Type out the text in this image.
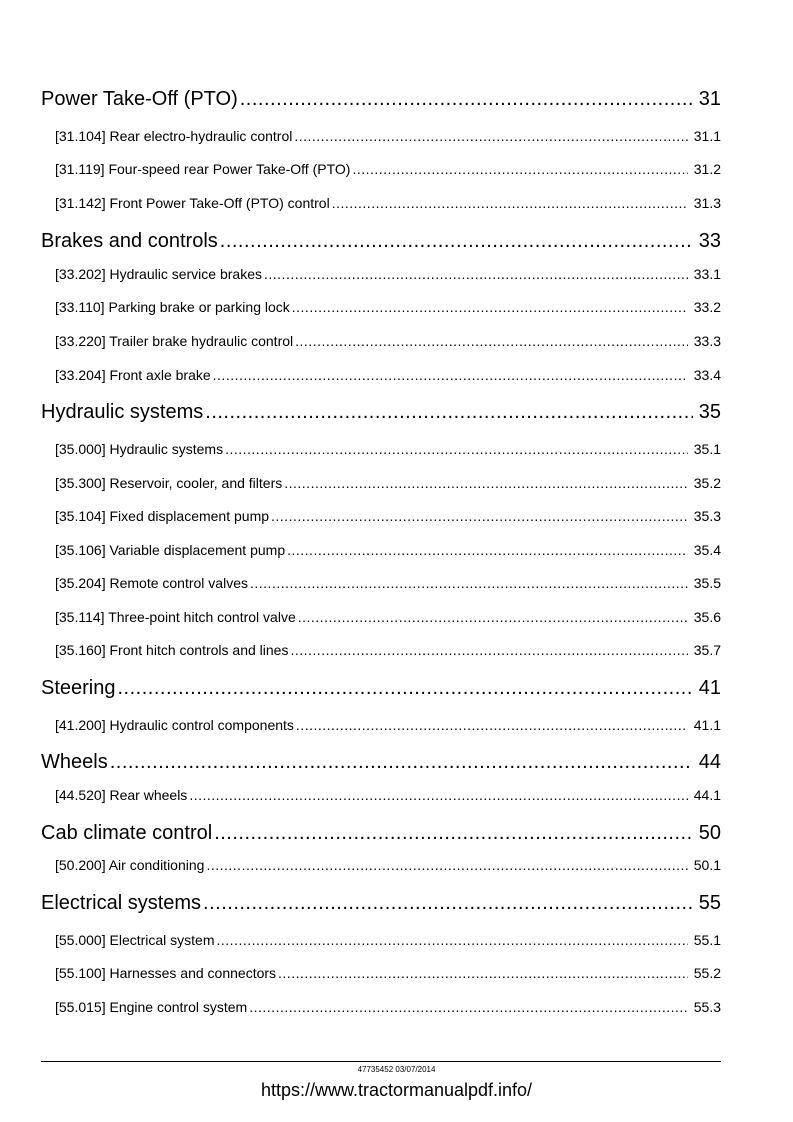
Power Take-Off (PTO) .....	31
[31.104] Rear electro-hydraulic control .....	31.1
[31.119] Four-speed rear Power Take-Off (PTO) .....	31.2
[31.142] Front Power Take-Off (PTO) control .....	31.3
Brakes and controls .....	33
[33.202] Hydraulic service brakes .....	33.1
[33.110] Parking brake or parking lock .....	33.2
[33.220] Trailer brake hydraulic control .....	33.3
[33.204] Front axle brake .....	33.4
Hydraulic systems .....	35
[35.000] Hydraulic systems .....	35.1
[35.300] Reservoir, cooler, and filters .....	35.2
[35.104] Fixed displacement pump .....	35.3
[35.106] Variable displacement pump .....	35.4
[35.204] Remote control valves .....	35.5
[35.114] Three-point hitch control valve .....	35.6
[35.160] Front hitch controls and lines .....	35.7
Steering .....	41
[41.200] Hydraulic control components .....	41.1
Wheels .....	44
[44.520] Rear wheels .....	44.1
Cab climate control .....	50
[50.200] Air conditioning .....	50.1
Electrical systems .....	55
[55.000] Electrical system .....	55.1
[55.100] Harnesses and connectors .....	55.2
[55.015] Engine control system .....	55.3
47735452 03/07/2014
https://www.tractormanualpdf.info/
